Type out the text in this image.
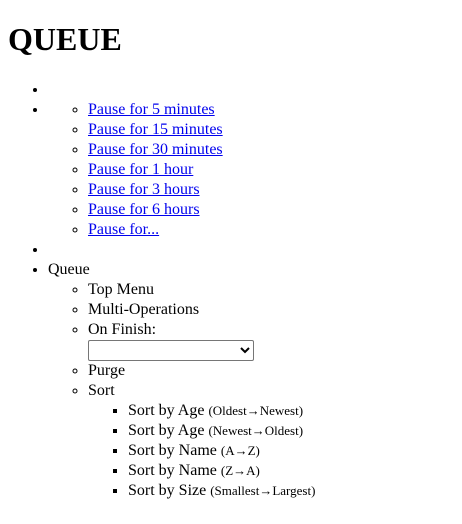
QUEUE
•
◦ • Pause for 5 minutes
◦ Pause for 15 minutes
◦ Pause for 30 minutes
◦ Pause for 1 hour
◦ Pause for 3 hours
◦ Pause for 6 hours
◦ Pause for...
•
• Queue
◦ Top Menu
◦ Multi-Operations
◦ On Finish:
◦ Purge
◦ Sort
▪ Sort by Age (Oldest→Newest)
▪ Sort by Age (Newest→Oldest)
▪ Sort by Name (A→Z)
▪ Sort by Name (Z→A)
▪ Sort by Size (Smallest→Largest)
